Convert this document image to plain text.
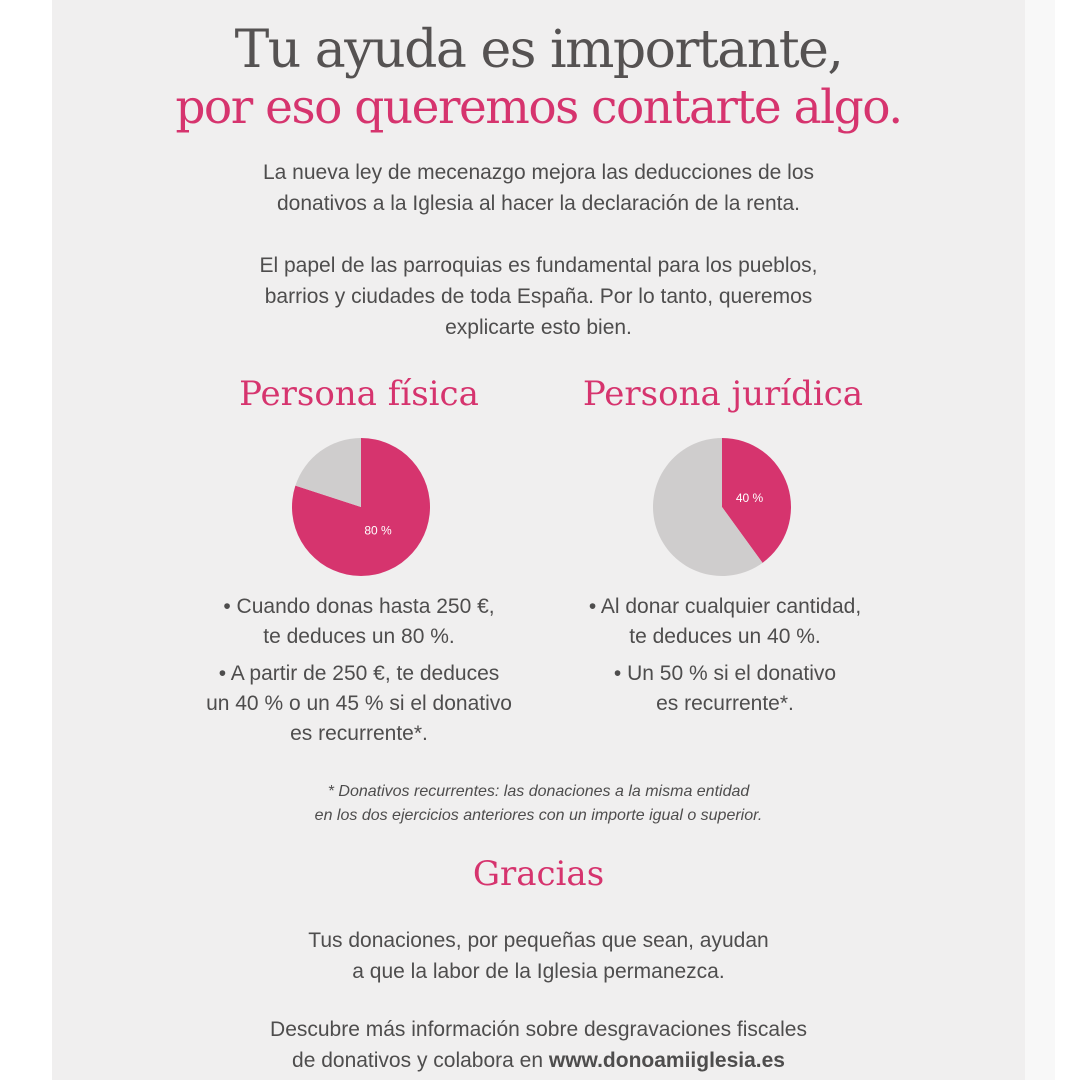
Tu ayuda es importante,
por eso queremos contarte algo.
La nueva ley de mecenazgo mejora las deducciones de los
donativos a la Iglesia al hacer la declaración de la renta.
El papel de las parroquias es fundamental para los pueblos,
barrios y ciudades de toda España. Por lo tanto, queremos
explicarte esto bien.
Persona física
80 %
• Cuando donas hasta 250 €,
te deduces un 80 %.
• A partir de 250 €, te deduces
un 40 % o un 45 % si el donativo
es recurrente*.
Persona jurídica
40 %
• Al donar cualquier cantidad,
te deduces un 40 %.
• Un 50 % si el donativo
es recurrente*.
* Donativos recurrentes: las donaciones a la misma entidad
en los dos ejercicios anteriores con un importe igual o superior.
Gracias
Tus donaciones, por pequeñas que sean, ayudan
a que la labor de la Iglesia permanezca.
Descubre más información sobre desgravaciones fiscales
de donativos y colabora en www.donoamiiglesia.es
